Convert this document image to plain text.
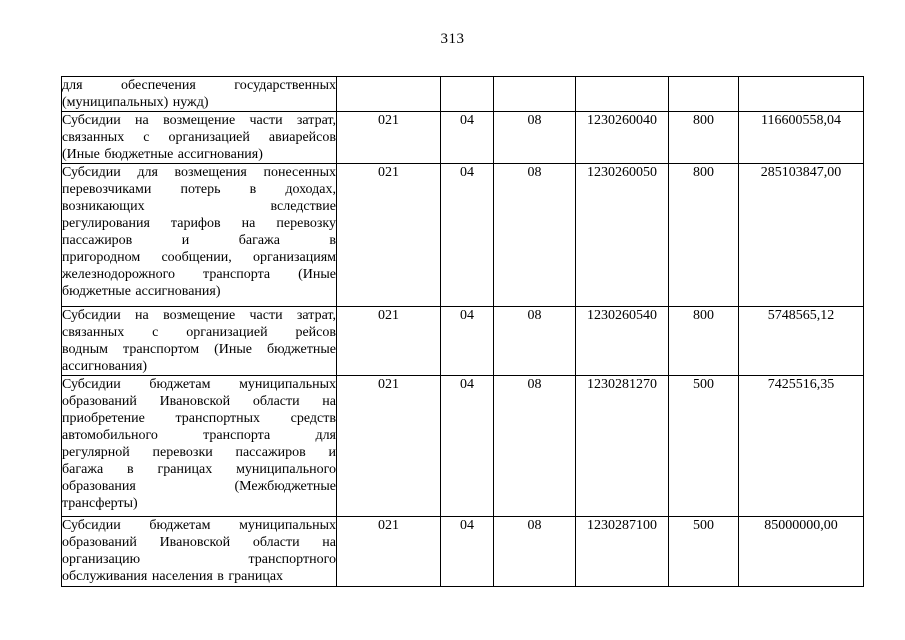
313
для обеспечения государственных
(муниципальных) нужд)						

Субсидии на возмещение части затрат,
связанных с организацией авиарейсов
(Иные бюджетные ассигнования)	021	04	08	1230260040	800	116600558,04

Субсидии для возмещения понесенных
перевозчиками потерь в доходах,
возникающих вследствие
регулирования тарифов на перевозку
пассажиров и багажа в
пригородном сообщении, организациям
железнодорожного транспорта (Иные
бюджетные ассигнования)
	021	04	08	1230260050	800	285103847,00

Субсидии на возмещение части затрат,
связанных с организацией рейсов
водным транспортом (Иные бюджетные
ассигнования)	021	04	08	1230260540	800	5748565,12

Субсидии бюджетам муниципальных
образований Ивановской области на
приобретение транспортных средств
автомобильного транспорта для
регулярной перевозки пассажиров и
багажа в границах муниципального
образования (Межбюджетные
трансферты)
	021	04	08	1230281270	500	7425516,35

Субсидии бюджетам муниципальных
образований Ивановской области на
организацию транспортного
обслуживания населения в границах	021	04	08	1230287100	500	85000000,00
